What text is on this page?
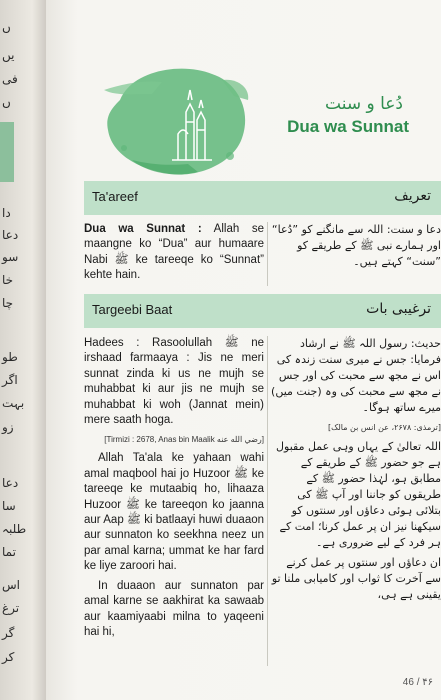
ں
یں
فی
ں
دا
دعا
سو
خا
چا
طو
اگر
بہت
زو
دعا
سا
طلبہ
تما
اس
ترغ
گر
کر
دُعا و سنت
Dua wa Sunnat
Ta'areef	تعریف

Dua wa Sunnat : Allah se maangne ko “Dua” aur humaare Nabi ﷺ ke tareeqe ko “Sunnat” kehte hain.

دعا و سنت: اللہ سے مانگنے کو ”دُعا“ اور ہمارے نبی ﷺ کے طریقے کو ”سنت“ کہتے ہیں۔

Targeebi Baat	ترغیبی بات

Hadees : Rasoolullah ﷺ ne irshaad farmaaya : Jis ne meri sunnat zinda ki us ne mujh se muhabbat ki aur jis ne mujh se muhabbat ki woh (Jannat mein) mere saath hoga.

[Tirmizi : 2678, Anas bin Maalik رضي الله عنه]

Allah Ta'ala ke yahaan wahi amal maqbool hai jo Huzoor ﷺ ke tareeqe ke mutaabiq ho, lihaaza Huzoor ﷺ ke tareeqon ko jaanna aur Aap ﷺ ki batlaayi huwi duaaon aur sunnaton ko seekhna neez un par amal karna; ummat ke har fard ke liye zaroori hai.

In duaaon aur sunnaton par amal karne se aakhirat ka sawaab aur kaamiyaabi milna to yaqeeni hai hi,

حدیث: رسول اللہ ﷺ نے ارشاد فرمایا: جس نے میری سنت زندہ کی اس نے مجھ سے محبت کی اور جس نے مجھ سے محبت کی وہ (جنت میں) میرے ساتھ ہوگا۔

[ترمذی: ۲۶۷۸، عن انس بن مالک]

اللہ تعالیٰ کے یہاں وہی عمل مقبول ہے جو حضور ﷺ کے طریقے کے مطابق ہو، لہٰذا حضور ﷺ کے طریقوں کو جاننا اور آپ ﷺ کی بتلائی ہوئی دعاؤں اور سنتوں کو سیکھنا نیز ان پر عمل کرنا؛ امت کے ہر فرد کے لیے ضروری ہے۔

ان دعاؤں اور سنتوں پر عمل کرنے سے آخرت کا ثواب اور کامیابی ملنا تو یقینی ہے ہی،

46 / ۴۶
